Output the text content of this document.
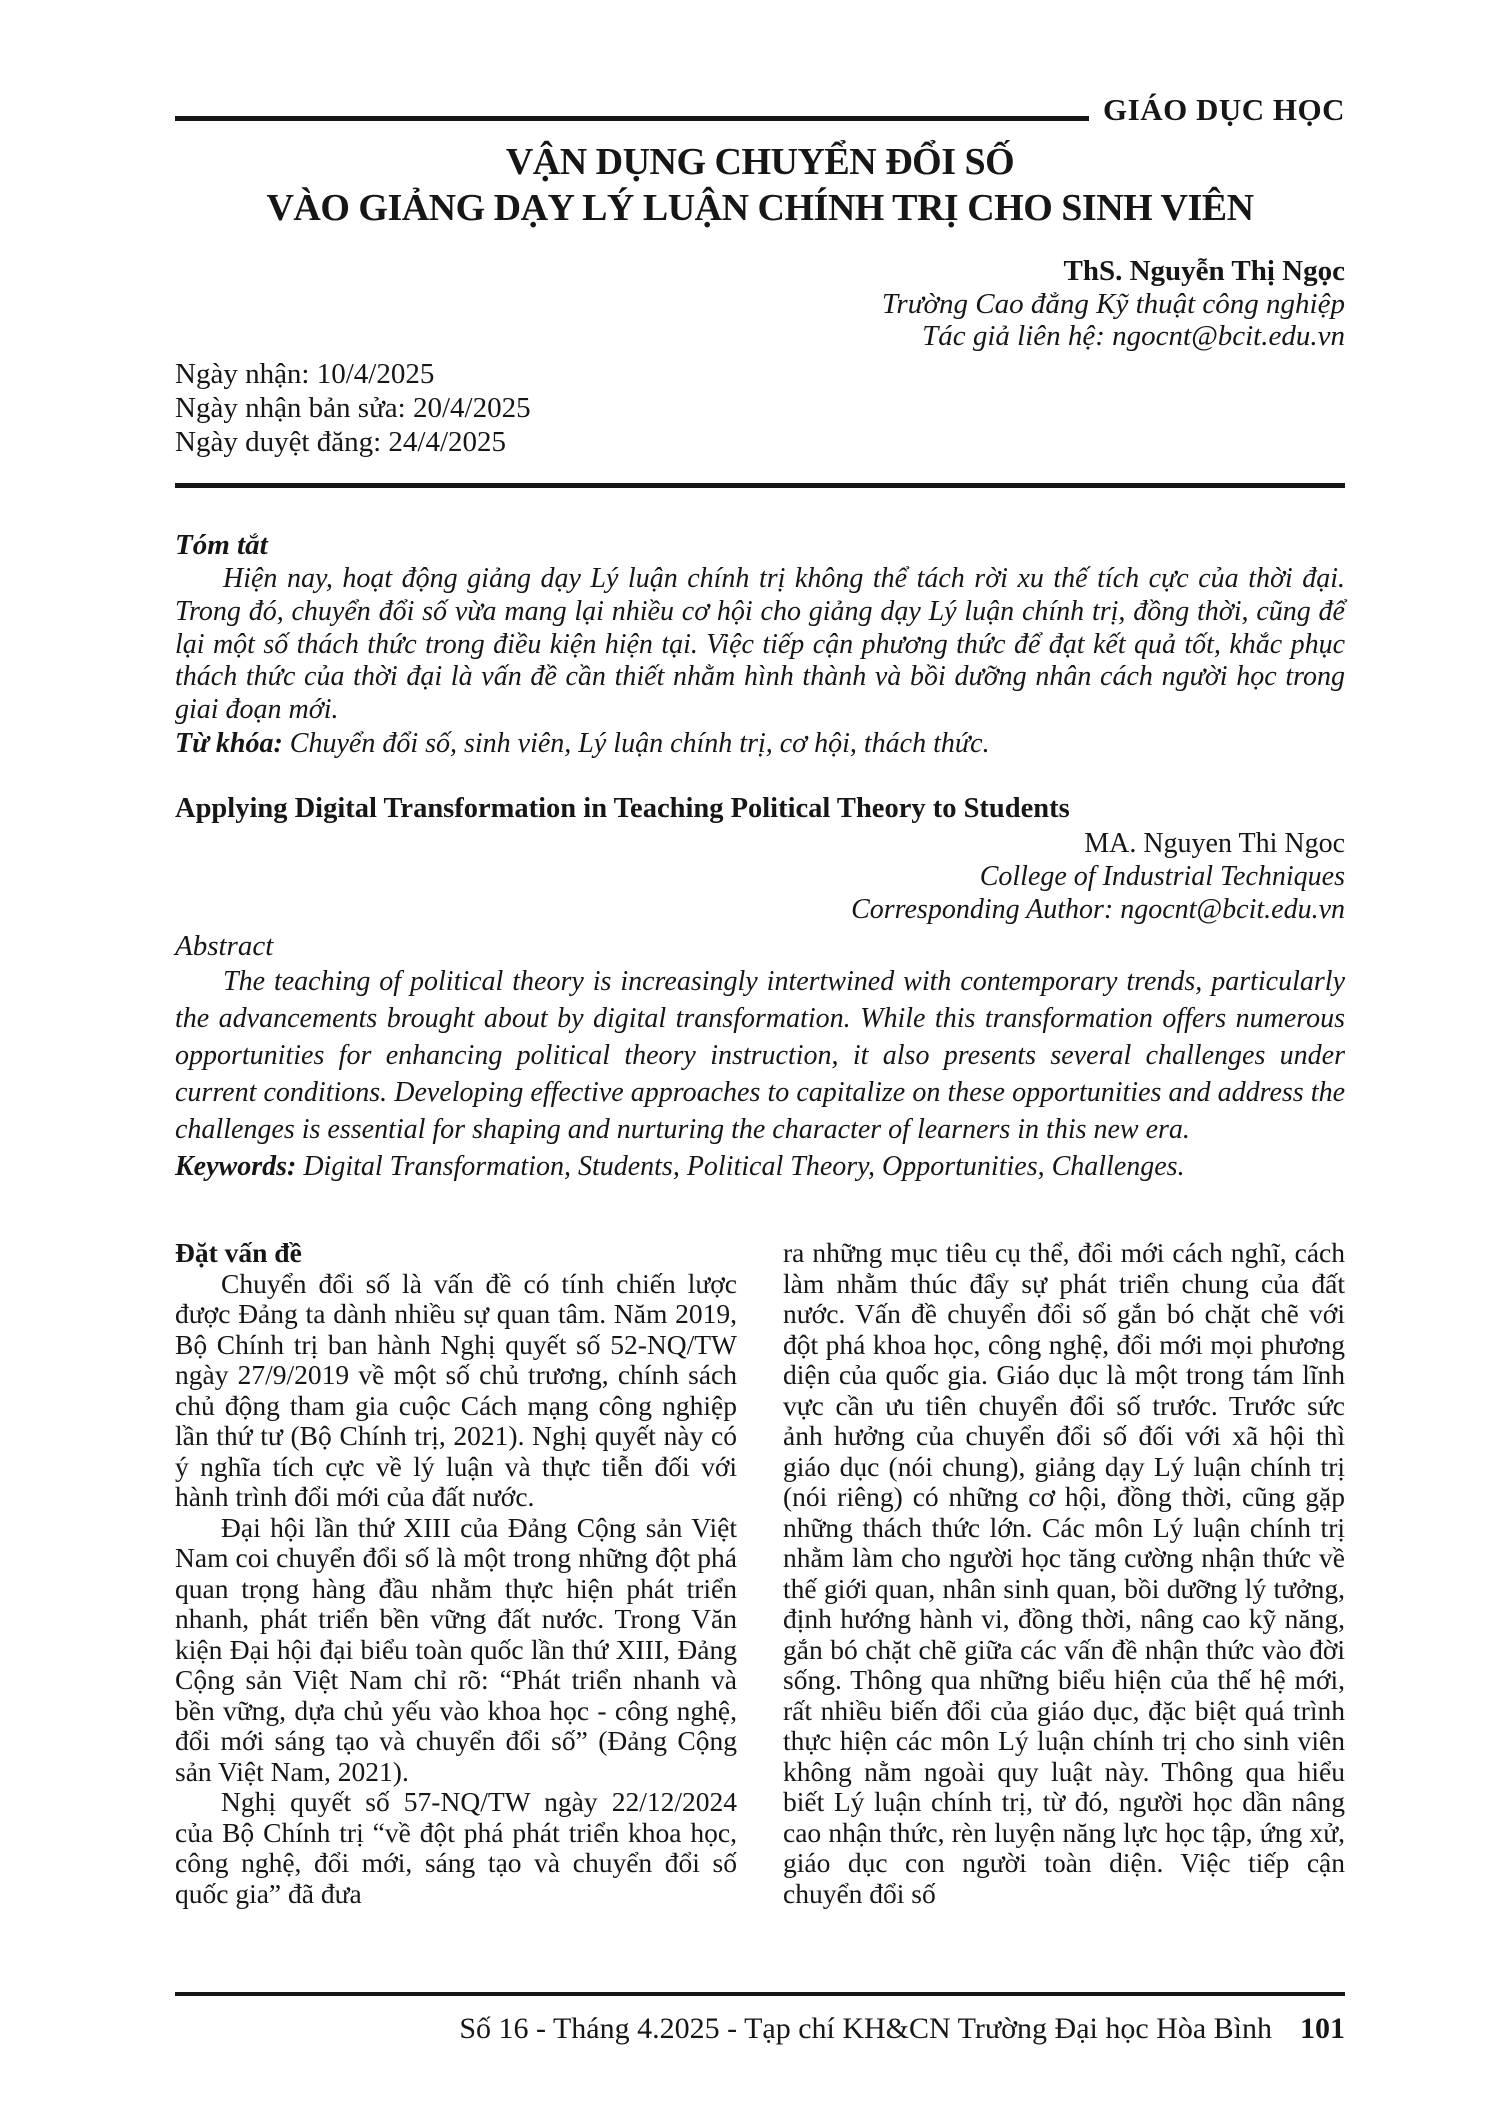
GIÁO DỤC HỌC
VẬN DỤNG CHUYỂN ĐỔI SỐ
VÀO GIẢNG DẠY LÝ LUẬN CHÍNH TRỊ CHO SINH VIÊN
ThS. Nguyễn Thị Ngọc
Trường Cao đẳng Kỹ thuật công nghiệp
Tác giả liên hệ: ngocnt@bcit.edu.vn
Ngày nhận: 10/4/2025
Ngày nhận bản sửa: 20/4/2025
Ngày duyệt đăng: 24/4/2025
Tóm tắt

Hiện nay, hoạt động giảng dạy Lý luận chính trị không thể tách rời xu thế tích cực của thời đại. Trong đó, chuyển đổi số vừa mang lại nhiều cơ hội cho giảng dạy Lý luận chính trị, đồng thời, cũng để lại một số thách thức trong điều kiện hiện tại. Việc tiếp cận phương thức để đạt kết quả tốt, khắc phục thách thức của thời đại là vấn đề cần thiết nhằm hình thành và bồi dưỡng nhân cách người học trong giai đoạn mới.

Từ khóa: Chuyển đổi số, sinh viên, Lý luận chính trị, cơ hội, thách thức.

Applying Digital Transformation in Teaching Political Theory to Students
MA. Nguyen Thi Ngoc
College of Industrial Techniques
Corresponding Author: ngocnt@bcit.edu.vn
Abstract

The teaching of political theory is increasingly intertwined with contemporary trends, particularly the advancements brought about by digital transformation. While this transformation offers numerous opportunities for enhancing political theory instruction, it also presents several challenges under current conditions. Developing effective approaches to capitalize on these opportunities and address the challenges is essential for shaping and nurturing the character of learners in this new era.

Keywords: Digital Transformation, Students, Political Theory, Opportunities, Challenges.

Đặt vấn đề

Chuyển đổi số là vấn đề có tính chiến lược được Đảng ta dành nhiều sự quan tâm. Năm 2019, Bộ Chính trị ban hành Nghị quyết số 52-NQ/TW ngày 27/9/2019 về một số chủ trương, chính sách chủ động tham gia cuộc Cách mạng công nghiệp lần thứ tư (Bộ Chính trị, 2021). Nghị quyết này có ý nghĩa tích cực về lý luận và thực tiễn đối với hành trình đổi mới của đất nước.

Đại hội lần thứ XIII của Đảng Cộng sản Việt Nam coi chuyển đổi số là một trong những đột phá quan trọng hàng đầu nhằm thực hiện phát triển nhanh, phát triển bền vững đất nước. Trong Văn kiện Đại hội đại biểu toàn quốc lần thứ XIII, Đảng Cộng sản Việt Nam chỉ rõ: “Phát triển nhanh và bền vững, dựa chủ yếu vào khoa học - công nghệ, đổi mới sáng tạo và chuyển đổi số” (Đảng Cộng sản Việt Nam, 2021).

Nghị quyết số 57-NQ/TW ngày 22/12/2024 của Bộ Chính trị “về đột phá phát triển khoa học, công nghệ, đổi mới, sáng tạo và chuyển đổi số quốc gia” đã đưa

ra những mục tiêu cụ thể, đổi mới cách nghĩ, cách làm nhằm thúc đẩy sự phát triển chung của đất nước. Vấn đề chuyển đổi số gắn bó chặt chẽ với đột phá khoa học, công nghệ, đổi mới mọi phương diện của quốc gia. Giáo dục là một trong tám lĩnh vực cần ưu tiên chuyển đổi số trước. Trước sức ảnh hưởng của chuyển đổi số đối với xã hội thì giáo dục (nói chung), giảng dạy Lý luận chính trị (nói riêng) có những cơ hội, đồng thời, cũng gặp những thách thức lớn. Các môn Lý luận chính trị nhằm làm cho người học tăng cường nhận thức về thế giới quan, nhân sinh quan, bồi dưỡng lý tưởng, định hướng hành vi, đồng thời, nâng cao kỹ năng, gắn bó chặt chẽ giữa các vấn đề nhận thức vào đời sống. Thông qua những biểu hiện của thế hệ mới, rất nhiều biến đổi của giáo dục, đặc biệt quá trình thực hiện các môn Lý luận chính trị cho sinh viên không nằm ngoài quy luật này. Thông qua hiểu biết Lý luận chính trị, từ đó, người học dần nâng cao nhận thức, rèn luyện năng lực học tập, ứng xử, giáo dục con người toàn diện. Việc tiếp cận chuyển đổi số

Số 16 - Tháng 4.2025 - Tạp chí KH&CN Trường Đại học Hòa Bình 101
